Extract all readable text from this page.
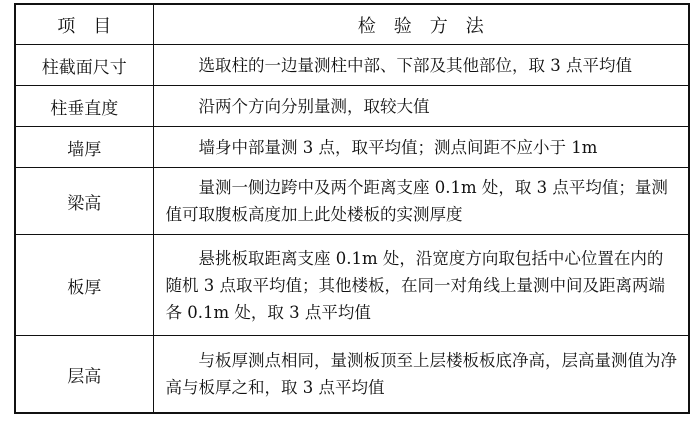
项　目	检　验　方　法
柱截面尺寸	选取柱的一边量测柱中部、下部及其他部位，取 3 点平均值
柱垂直度	沿两个方向分别量测，取较大值
墙厚	墙身中部量测 3 点，取平均值；测点间距不应小于 1m
梁高	量测一侧边跨中及两个距离支座 0.1m 处，取 3 点平均值；量测值可取腹板高度加上此处楼板的实测厚度
板厚	悬挑板取距离支座 0.1m 处，沿宽度方向取包括中心位置在内的随机 3 点取平均值；其他楼板，在同一对角线上量测中间及距离两端各 0.1m 处，取 3 点平均值
层高	与板厚测点相同，量测板顶至上层楼板板底净高，层高量测值为净高与板厚之和，取 3 点平均值
